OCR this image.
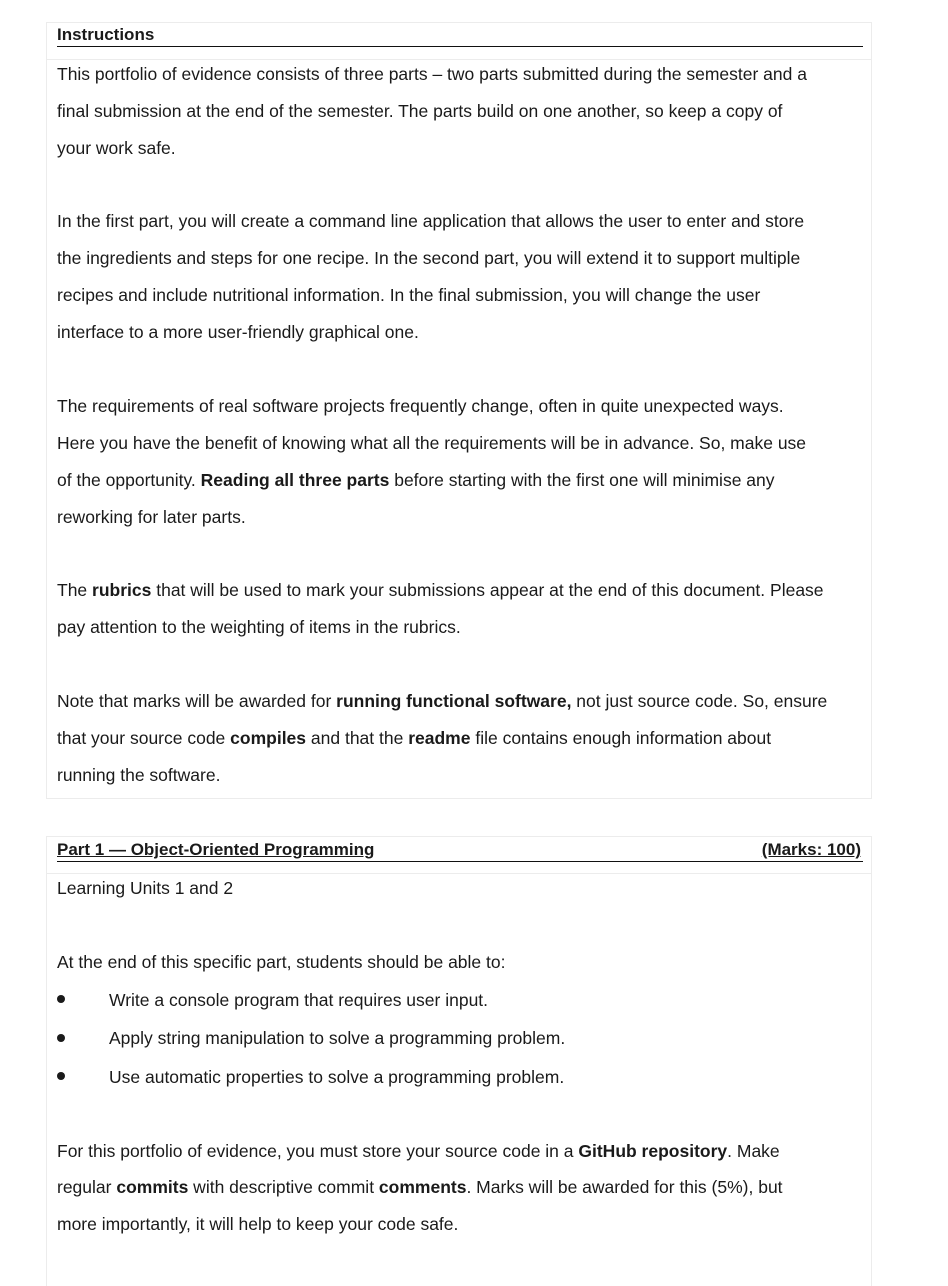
Instructions
This portfolio of evidence consists of three parts – two parts submitted during the semester and a
final submission at the end of the semester. The parts build on one another, so keep a copy of
your work safe.
In the first part, you will create a command line application that allows the user to enter and store
the ingredients and steps for one recipe. In the second part, you will extend it to support multiple
recipes and include nutritional information. In the final submission, you will change the user
interface to a more user-friendly graphical one.
The requirements of real software projects frequently change, often in quite unexpected ways.
Here you have the benefit of knowing what all the requirements will be in advance. So, make use
of the opportunity. Reading all three parts before starting with the first one will minimise any
reworking for later parts.
The rubrics that will be used to mark your submissions appear at the end of this document. Please
pay attention to the weighting of items in the rubrics.
Note that marks will be awarded for running functional software, not just source code. So, ensure
that your source code compiles and that the readme file contains enough information about
running the software.
Part 1 — Object-Oriented Programming	(Marks: 100)
Learning Units 1 and 2
At the end of this specific part, students should be able to:
Write a console program that requires user input.
Apply string manipulation to solve a programming problem.
Use automatic properties to solve a programming problem.
For this portfolio of evidence, you must store your source code in a GitHub repository. Make
regular commits with descriptive commit comments. Marks will be awarded for this (5%), but
more importantly, it will help to keep your code safe.
